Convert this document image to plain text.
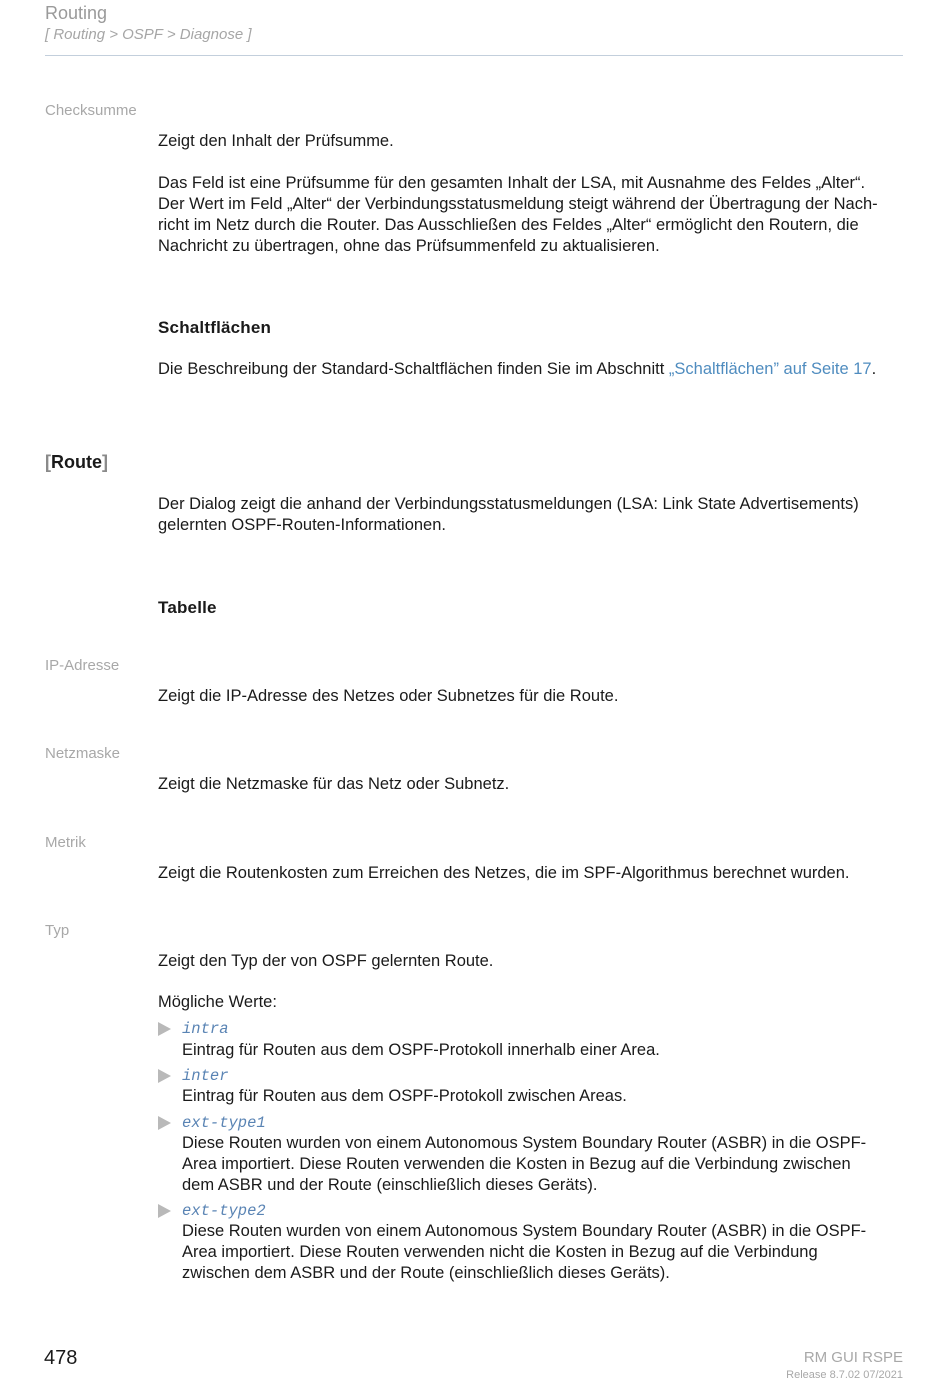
Routing
[ Routing > OSPF > Diagnose ]
Checksumme
Zeigt den Inhalt der Prüfsumme.
Das Feld ist eine Prüfsumme für den gesamten Inhalt der LSA, mit Ausnahme des Feldes „Alter“.
Der Wert im Feld „Alter“ der Verbindungsstatusmeldung steigt während der Übertragung der Nach-
richt im Netz durch die Router. Das Ausschließen des Feldes „Alter“ ermöglicht den Routern, die
Nachricht zu übertragen, ohne das Prüfsummenfeld zu aktualisieren.
Schaltflächen
Die Beschreibung der Standard-Schaltflächen finden Sie im Abschnitt „Schaltflächen” auf Seite 17.
[Route]
Der Dialog zeigt die anhand der Verbindungsstatusmeldungen (LSA: Link State Advertisements)
gelernten OSPF-Routen-Informationen.
Tabelle
IP-Adresse
Zeigt die IP-Adresse des Netzes oder Subnetzes für die Route.
Netzmaske
Zeigt die Netzmaske für das Netz oder Subnetz.
Metrik
Zeigt die Routenkosten zum Erreichen des Netzes, die im SPF-Algorithmus berechnet wurden.
Typ
Zeigt den Typ der von OSPF gelernten Route.
Mögliche Werte:
intra
Eintrag für Routen aus dem OSPF-Protokoll innerhalb einer Area.
inter
Eintrag für Routen aus dem OSPF-Protokoll zwischen Areas.
ext-type1
Diese Routen wurden von einem Autonomous System Boundary Router (ASBR) in die OSPF-
Area importiert. Diese Routen verwenden die Kosten in Bezug auf die Verbindung zwischen
dem ASBR und der Route (einschließlich dieses Geräts).
ext-type2
Diese Routen wurden von einem Autonomous System Boundary Router (ASBR) in die OSPF-
Area importiert. Diese Routen verwenden nicht die Kosten in Bezug auf die Verbindung
zwischen dem ASBR und der Route (einschließlich dieses Geräts).
478	RM GUI RSPE
Release 8.7.02 07/2021
